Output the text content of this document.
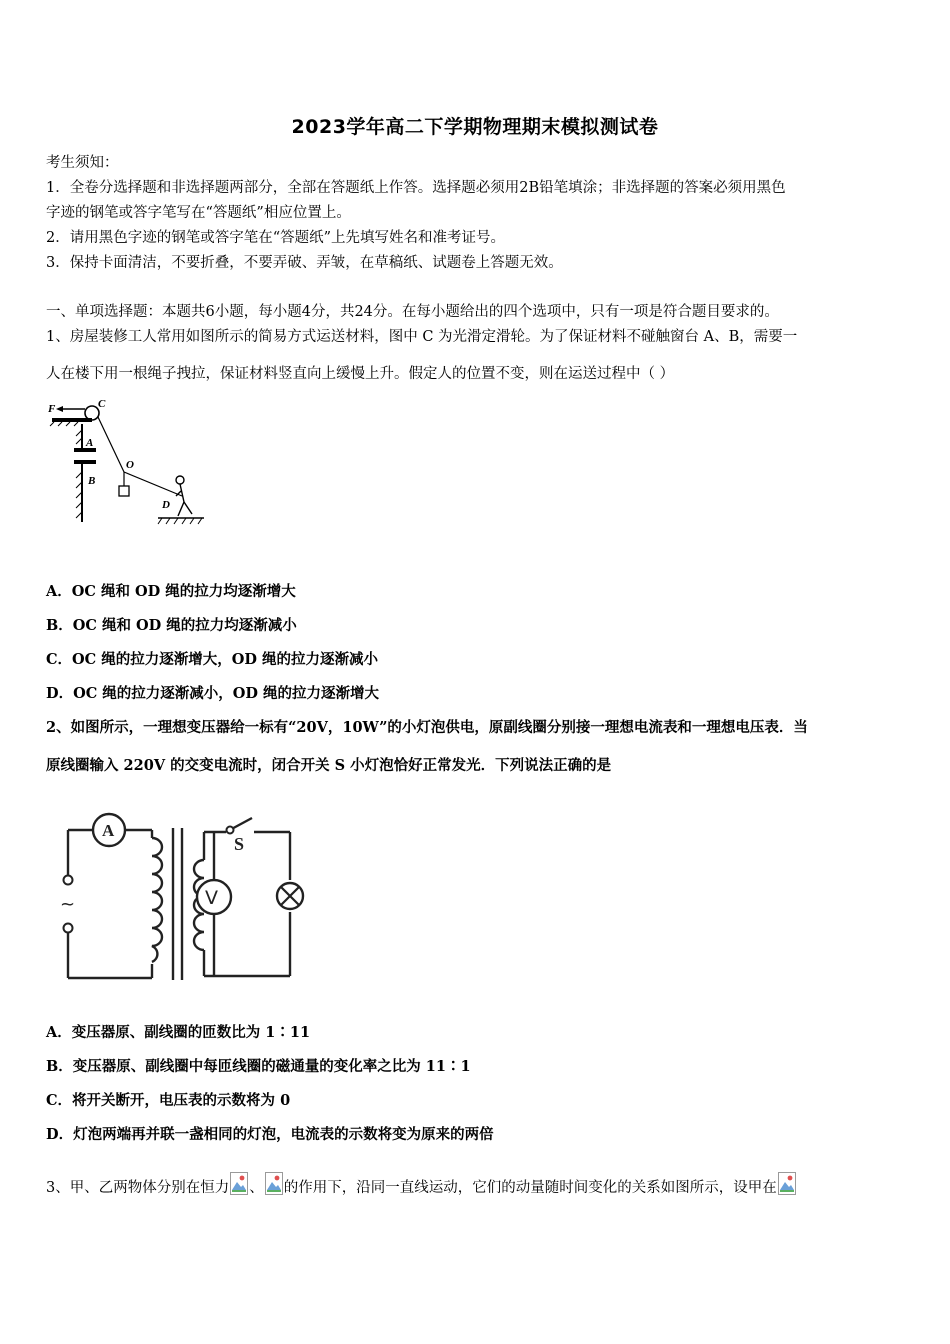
2023学年高二下学期物理期末模拟测试卷
考生须知：
1．全卷分选择题和非选择题两部分，全部在答题纸上作答。选择题必须用2B铅笔填涂；非选择题的答案必须用黑色
字迹的钢笔或答字笔写在“答题纸”相应位置上。
2．请用黑色字迹的钢笔或答字笔在“答题纸”上先填写姓名和准考证号。
3．保持卡面清洁，不要折叠，不要弄破、弄皱，在草稿纸、试题卷上答题无效。
一、单项选择题：本题共6小题，每小题4分，共24分。在每小题给出的四个选项中，只有一项是符合题目要求的。
1、房屋装修工人常用如图所示的简易方式运送材料，图中 C 为光滑定滑轮。为了保证材料不碰触窗台 A、B，需要一
人在楼下用一根绳子拽拉，保证材料竖直向上缓慢上升。假定人的位置不变，则在运送过程中（ ）
F	C
A
B
O
D
A．OC 绳和 OD 绳的拉力均逐渐增大
B．OC 绳和 OD 绳的拉力均逐渐减小
C．OC 绳的拉力逐渐增大，OD 绳的拉力逐渐减小
D．OC 绳的拉力逐渐减小，OD 绳的拉力逐渐增大
2、如图所示，一理想变压器给一标有“20V，10W”的小灯泡供电，原副线圈分别接一理想电流表和一理想电压表．当
原线圈输入 220V 的交变电流时，闭合开关 S 小灯泡恰好正常发光．下列说法正确的是
~
A
S
V
A．变压器原、副线圈的匝数比为 1∶11
B．变压器原、副线圈中每匝线圈的磁通量的变化率之比为 11∶1
C．将开关断开，电压表的示数将为 0
D．灯泡两端再并联一盏相同的灯泡，电流表的示数将变为原来的两倍
3、甲、乙两物体分别在恒力 、 的作用下，沿同一直线运动，它们的动量随时间变化的关系如图所示，设甲在
